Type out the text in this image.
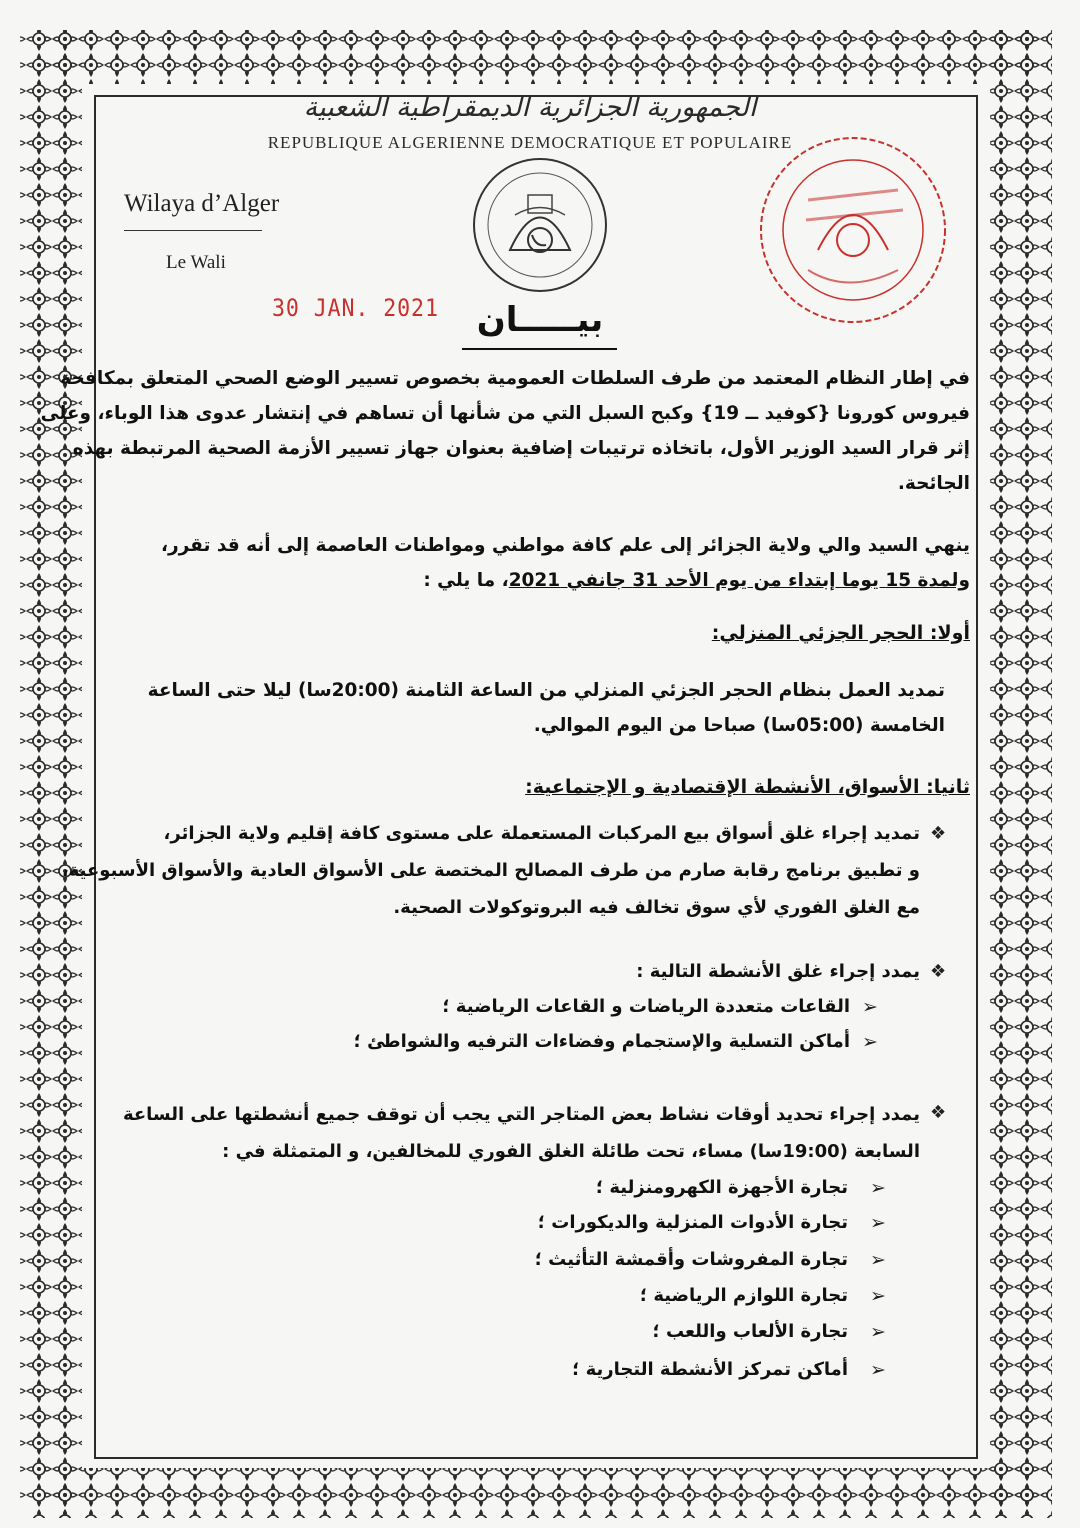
الجمهورية الجزائرية الديمقراطية الشعبية
REPUBLIQUE ALGERIENNE DEMOCRATIQUE ET POPULAIRE
Wilaya d’Alger
Le Wali
30 JAN. 2021	بيـــــان
في إطار النظام المعتمد من طرف السلطات العمومية بخصوص تسيير الوضع الصحي المتعلق بمكافحة
فيروس كورونا {كوفيد ــ 19} وكبح السبل التي من شأنها أن تساهم في إنتشار عدوى هذا الوباء، وعلى
إثر قرار السيد الوزير الأول، باتخاذه ترتيبات إضافية بعنوان جهاز تسيير الأزمة الصحية المرتبطة بهذه
الجائحة.
ينهي السيد والي ولاية الجزائر إلى علم كافة مواطني ومواطنات العاصمة إلى أنه قد تقرر،
ولمدة 15 يوما إبتداء من يوم الأحد 31 جانفي 2021، ما يلي :
أولا: الحجر الجزئي المنزلي:
تمديد العمل بنظام الحجر الجزئي المنزلي من الساعة الثامنة (20:00سا) ليلا حتى الساعة
الخامسة (05:00سا) صباحا من اليوم الموالي.
ثانيا: الأسواق، الأنشطة الإقتصادية و الإجتماعية:
❖
تمديد إجراء غلق أسواق بيع المركبات المستعملة على مستوى كافة إقليم ولاية الجزائر،
و تطبيق برنامج رقابة صارم من طرف المصالح المختصة على الأسواق العادية والأسواق الأسبوعية،
مع الغلق الفوري لأي سوق تخالف فيه البروتوكولات الصحية.
❖
يمدد إجراء غلق الأنشطة التالية :
➢
القاعات متعددة الرياضات و القاعات الرياضية ؛
➢
أماكن التسلية والإستجمام وفضاءات الترفيه والشواطئ ؛
❖
يمدد إجراء تحديد أوقات نشاط بعض المتاجر التي يجب أن توقف جميع أنشطتها على الساعة
السابعة (19:00سا) مساء، تحت طائلة الغلق الفوري للمخالفين، و المتمثلة في :
➢
تجارة الأجهزة الكهرومنزلية ؛
➢
تجارة الأدوات المنزلية والديكورات ؛
➢
تجارة المفروشات وأقمشة التأثيث ؛
➢
تجارة اللوازم الرياضية ؛
➢
تجارة الألعاب واللعب ؛
➢
أماكن تمركز الأنشطة التجارية ؛
